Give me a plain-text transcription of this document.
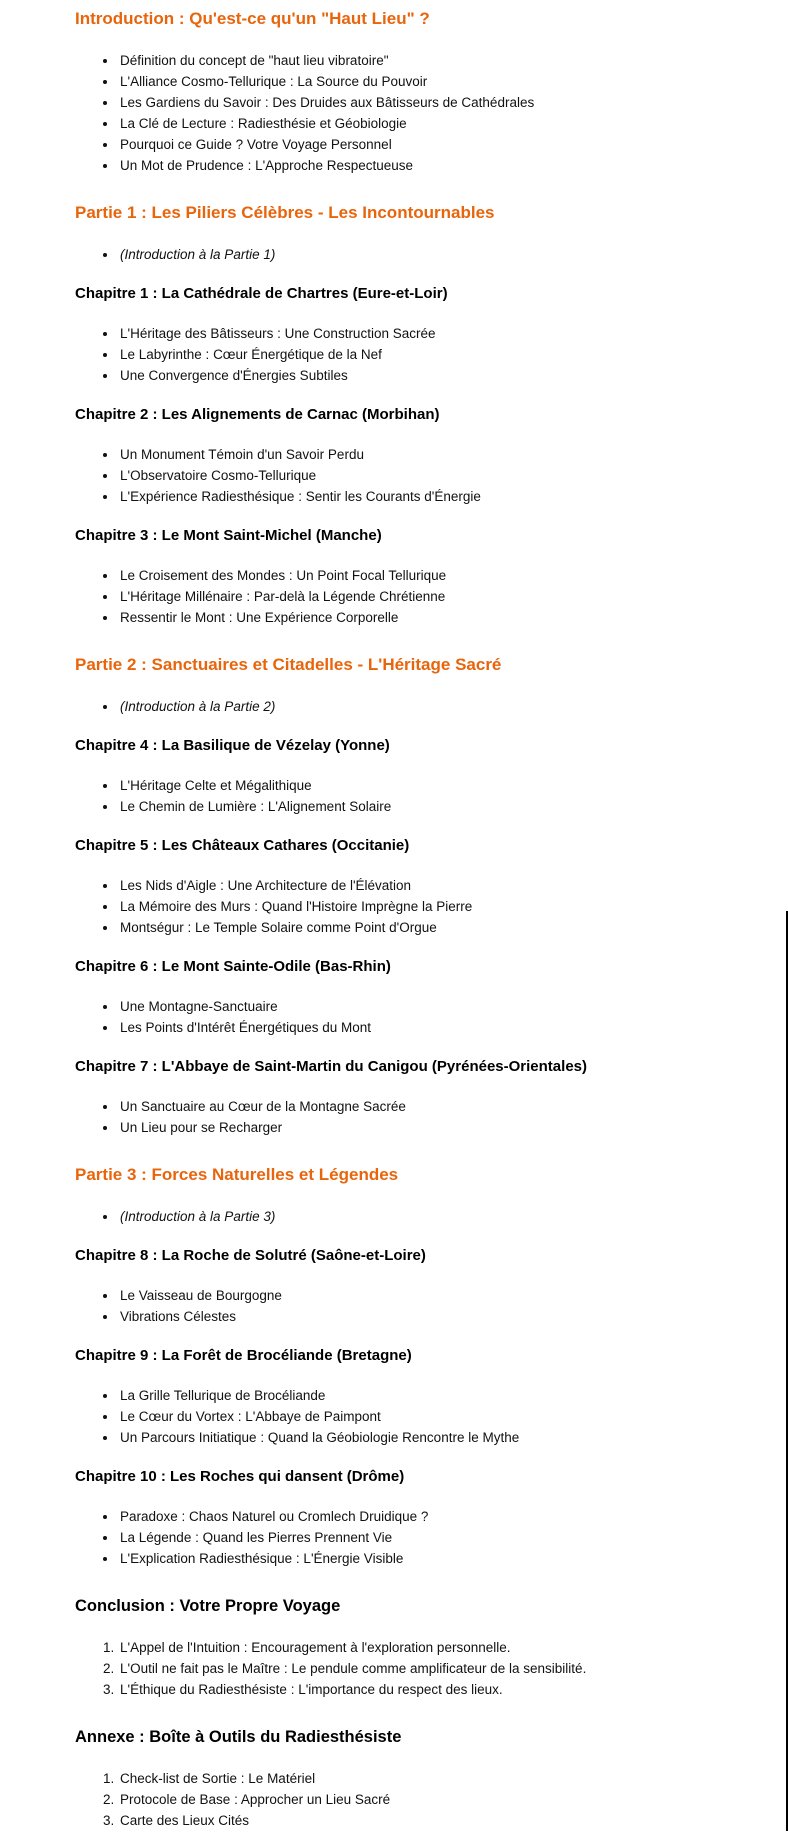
Introduction : Qu'est-ce qu'un "Haut Lieu" ?
• Définition du concept de "haut lieu vibratoire"
• L'Alliance Cosmo-Tellurique : La Source du Pouvoir
• Les Gardiens du Savoir : Des Druides aux Bâtisseurs de Cathédrales
• La Clé de Lecture : Radiesthésie et Géobiologie
• Pourquoi ce Guide ? Votre Voyage Personnel
• Un Mot de Prudence : L'Approche Respectueuse
Partie 1 : Les Piliers Célèbres - Les Incontournables
• (Introduction à la Partie 1)
Chapitre 1 : La Cathédrale de Chartres (Eure-et-Loir)
• L'Héritage des Bâtisseurs : Une Construction Sacrée
• Le Labyrinthe : Cœur Énergétique de la Nef
• Une Convergence d'Énergies Subtiles
Chapitre 2 : Les Alignements de Carnac (Morbihan)
• Un Monument Témoin d'un Savoir Perdu
• L'Observatoire Cosmo-Tellurique
• L'Expérience Radiesthésique : Sentir les Courants d'Énergie
Chapitre 3 : Le Mont Saint-Michel (Manche)
• Le Croisement des Mondes : Un Point Focal Tellurique
• L'Héritage Millénaire : Par-delà la Légende Chrétienne
• Ressentir le Mont : Une Expérience Corporelle
Partie 2 : Sanctuaires et Citadelles - L'Héritage Sacré
• (Introduction à la Partie 2)
Chapitre 4 : La Basilique de Vézelay (Yonne)
• L'Héritage Celte et Mégalithique
• Le Chemin de Lumière : L'Alignement Solaire
Chapitre 5 : Les Châteaux Cathares (Occitanie)
• Les Nids d'Aigle : Une Architecture de l'Élévation
• La Mémoire des Murs : Quand l'Histoire Imprègne la Pierre
• Montségur : Le Temple Solaire comme Point d'Orgue
Chapitre 6 : Le Mont Sainte-Odile (Bas-Rhin)
• Une Montagne-Sanctuaire
• Les Points d'Intérêt Énergétiques du Mont
Chapitre 7 : L'Abbaye de Saint-Martin du Canigou (Pyrénées-Orientales)
• Un Sanctuaire au Cœur de la Montagne Sacrée
• Un Lieu pour se Recharger
Partie 3 : Forces Naturelles et Légendes
• (Introduction à la Partie 3)
Chapitre 8 : La Roche de Solutré (Saône-et-Loire)
• Le Vaisseau de Bourgogne
• Vibrations Célestes
Chapitre 9 : La Forêt de Brocéliande (Bretagne)
• La Grille Tellurique de Brocéliande
• Le Cœur du Vortex : L'Abbaye de Paimpont
• Un Parcours Initiatique : Quand la Géobiologie Rencontre le Mythe
Chapitre 10 : Les Roches qui dansent (Drôme)
• Paradoxe : Chaos Naturel ou Cromlech Druidique ?
• La Légende : Quand les Pierres Prennent Vie
• L'Explication Radiesthésique : L'Énergie Visible
Conclusion : Votre Propre Voyage
1. L'Appel de l'Intuition : Encouragement à l'exploration personnelle.
2. L'Outil ne fait pas le Maître : Le pendule comme amplificateur de la sensibilité.
3. L'Éthique du Radiesthésiste : L'importance du respect des lieux.
Annexe : Boîte à Outils du Radiesthésiste
1. Check-list de Sortie : Le Matériel
2. Protocole de Base : Approcher un Lieu Sacré
3. Carte des Lieux Cités
